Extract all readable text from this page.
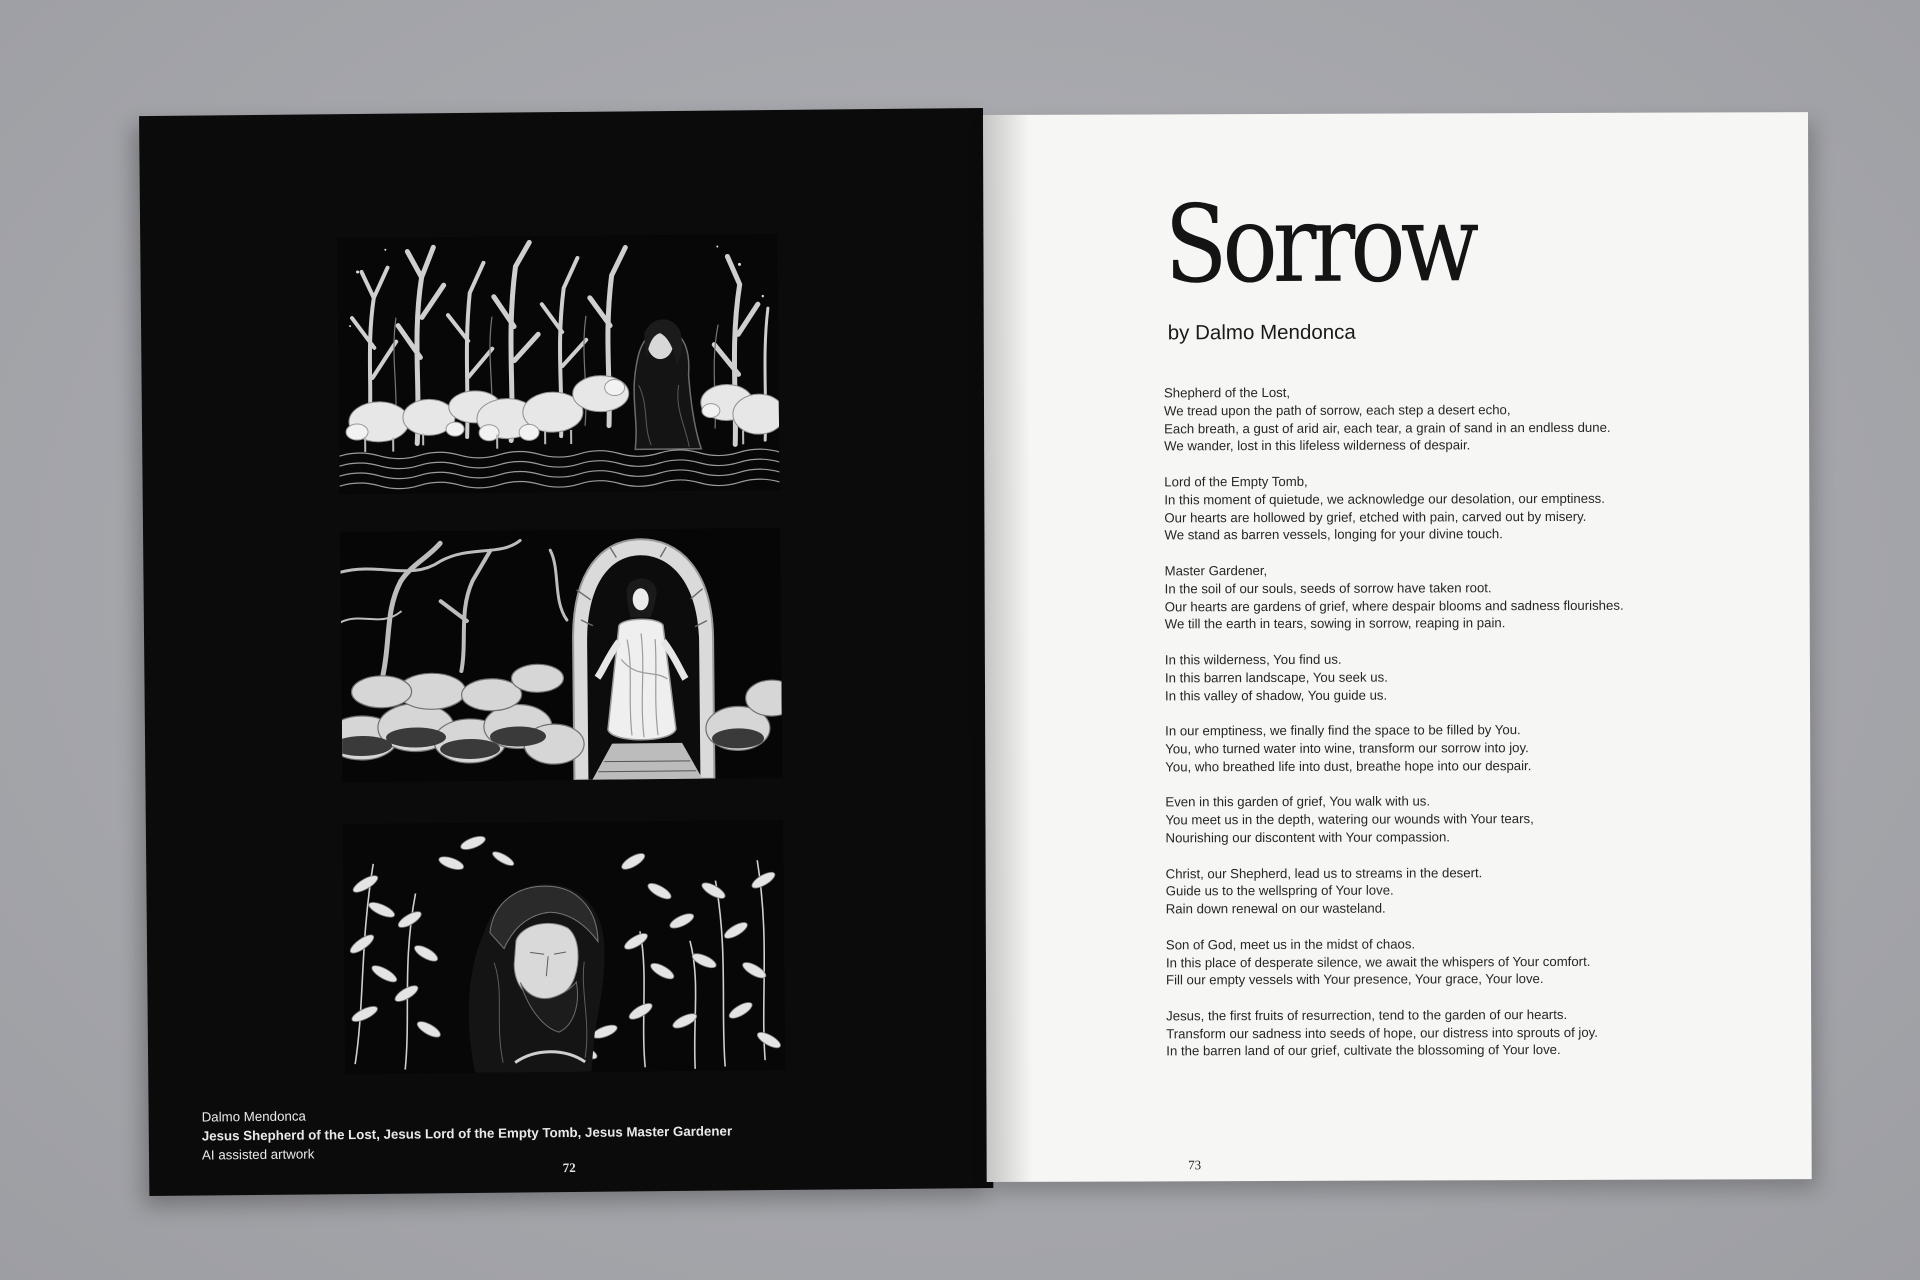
Dalmo Mendonca
Jesus Shepherd of the Lost, Jesus Lord of the Empty Tomb, Jesus Master Gardener
AI assisted artwork
72
Sorrow
by Dalmo Mendonca

Shepherd of the Lost,
We tread upon the path of sorrow, each step a desert echo,
Each breath, a gust of arid air, each tear, a grain of sand in an endless dune.
We wander, lost in this lifeless wilderness of despair.

Lord of the Empty Tomb,
In this moment of quietude, we acknowledge our desolation, our emptiness.
Our hearts are hollowed by grief, etched with pain, carved out by misery.
We stand as barren vessels, longing for your divine touch.

Master Gardener,
In the soil of our souls, seeds of sorrow have taken root.
Our hearts are gardens of grief, where despair blooms and sadness flourishes.
We till the earth in tears, sowing in sorrow, reaping in pain.

In this wilderness, You find us.
In this barren landscape, You seek us.
In this valley of shadow, You guide us.

In our emptiness, we finally find the space to be filled by You.
You, who turned water into wine, transform our sorrow into joy.
You, who breathed life into dust, breathe hope into our despair.

Even in this garden of grief, You walk with us.
You meet us in the depth, watering our wounds with Your tears,
Nourishing our discontent with Your compassion.

Christ, our Shepherd, lead us to streams in the desert.
Guide us to the wellspring of Your love.
Rain down renewal on our wasteland.

Son of God, meet us in the midst of chaos.
In this place of desperate silence, we await the whispers of Your comfort.
Fill our empty vessels with Your presence, Your grace, Your love.

Jesus, the first fruits of resurrection, tend to the garden of our hearts.
Transform our sadness into seeds of hope, our distress into sprouts of joy.
In the barren land of our grief, cultivate the blossoming of Your love.

73
